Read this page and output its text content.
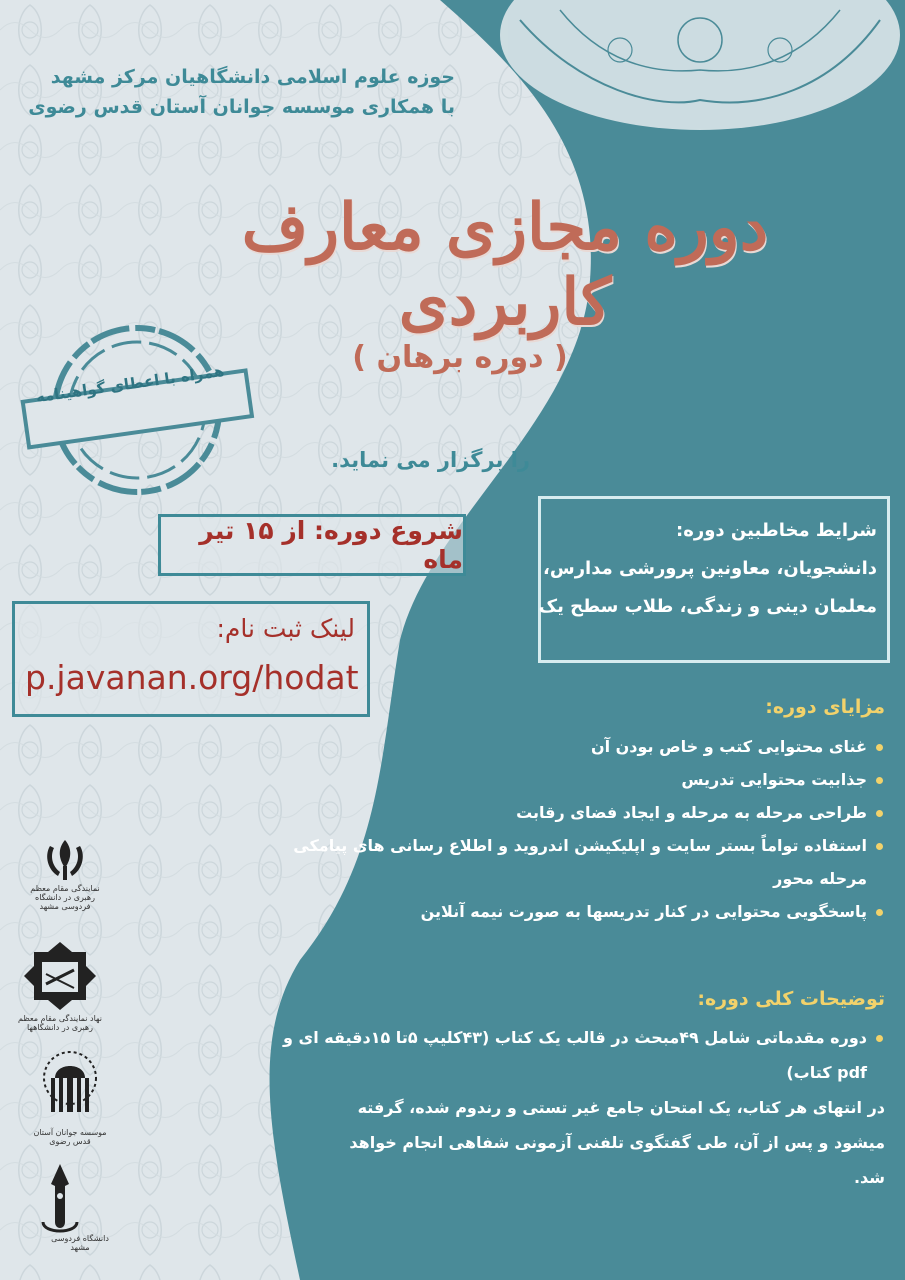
حوزه علوم اسلامی دانشگاهیان مرکز مشهد
با همکاری موسسه جوانان آستان قدس رضوی
دوره مجازی معارف کاربردی
( دوره برهان )
همراه با اعطای گواهینامه
را برگزار می نماید.
شروع دوره: از ۱۵ تیر ماه
لینک ثبت نام:
p.javanan.org/hodat
شرایط مخاطبین دوره:
دانشجویان، معاونین پرورشی مدارس،
معلمان دینی و زندگی، طلاب سطح یک
مزایای دوره:
غنای محتوایی کتب و خاص بودن آن
جذابیت محتوایی تدریس
طراحی مرحله به مرحله و ایجاد فضای رقابت
استفاده تواماً بستر سایت و اپلیکیشن اندروید و اطلاع رسانی های پیامکی مرحله محور
پاسخگویی محتوایی در کنار تدریسها به صورت نیمه آنلاین
توضیحات کلی دوره:
دوره مقدماتی شامل ۴۹مبحث در قالب یک کتاب (۴۳کلیپ ۵تا ۱۵دقیقه ای و pdf کتاب)
در انتهای هر کتاب، یک امتحان جامع غیر تستی و رندوم شده، گرفته میشود و پس از آن، طی گفتگوی تلفنی آزمونی شفاهی انجام خواهد شد.
نمایندگی مقام معظم رهبری در دانشگاه فردوسی مشهد
نهاد نمایندگی مقام معظم رهبری در دانشگاهها
موسسه جوانان آستان قدس رضوی
دانشگاه فردوسی مشهد
